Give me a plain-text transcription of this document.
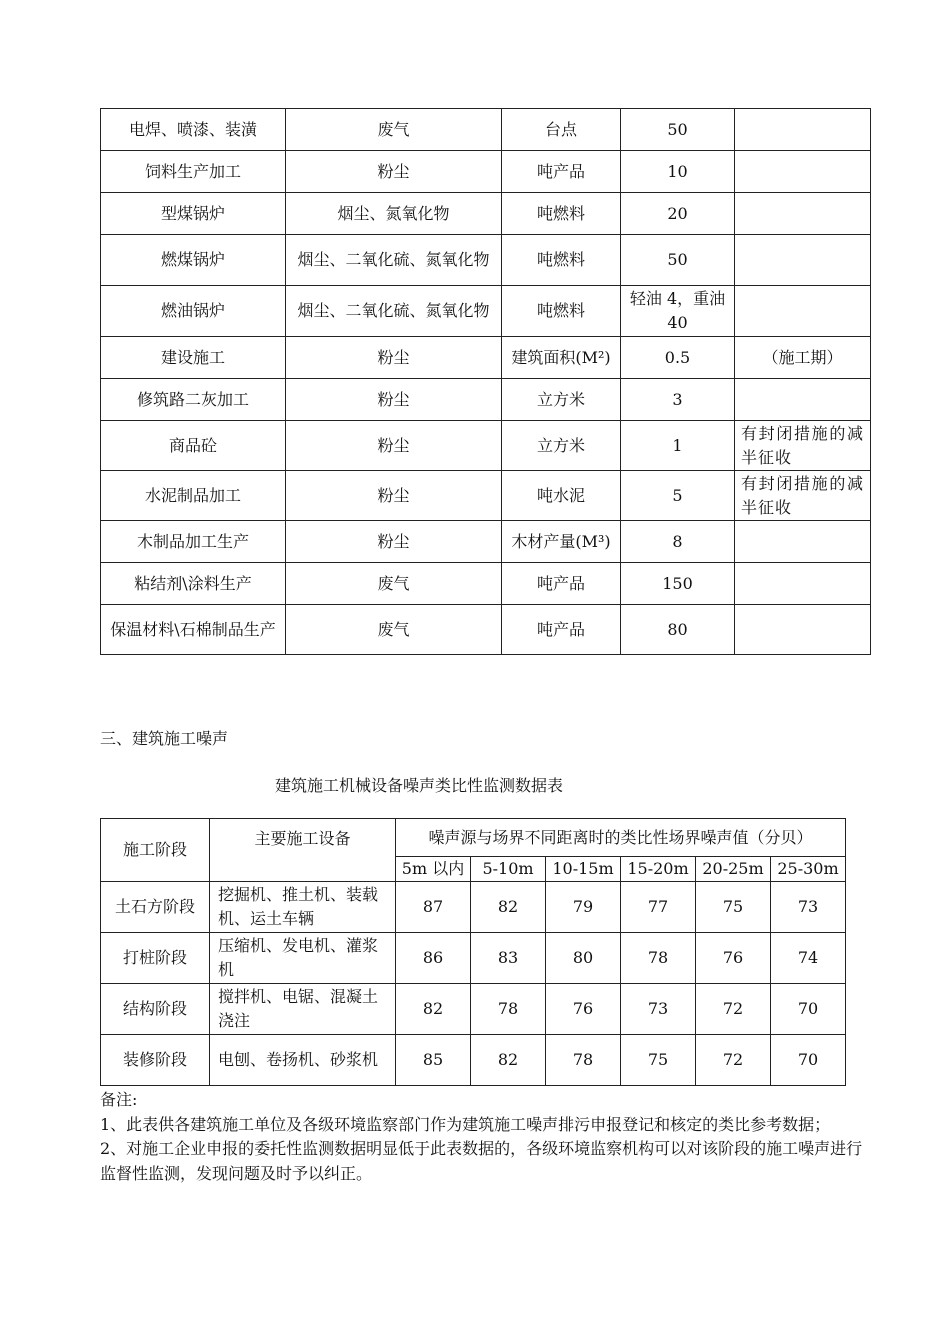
电焊、喷漆、装潢	废气	台点	50	
饲料生产加工	粉尘	吨产品	10	
型煤锅炉	烟尘、氮氧化物	吨燃料	20	
燃煤锅炉	烟尘、二氧化硫、氮氧化物	吨燃料	50	
燃油锅炉	烟尘、二氧化硫、氮氧化物	吨燃料	轻油 4，重油 40	
建设施工	粉尘	建筑面积(M²)	0.5	（施工期）
修筑路二灰加工	粉尘	立方米	3	
商品砼	粉尘	立方米	1	有封闭措施的减半征收
水泥制品加工	粉尘	吨水泥	5	有封闭措施的减半征收
木制品加工生产	粉尘	木材产量(M³)	8	
粘结剂\涂料生产	废气	吨产品	150	
保温材料\石棉制品生产	废气	吨产品	80	
三、建筑施工噪声
建筑施工机械设备噪声类比性监测数据表
施工阶段	主要施工设备	噪声源与场界不同距离时的类比性场界噪声值（分贝）					
		5m 以内	5-10m	10-15m	15-20m	20-25m	25-30m
土石方阶段	挖掘机、推土机、装载机、运土车辆	87	82	79	77	75	73
打桩阶段	压缩机、发电机、灌浆机	86	83	80	78	76	74
结构阶段	搅拌机、电锯、混凝土浇注	82	78	76	73	72	70
装修阶段	电刨、卷扬机、砂浆机	85	82	78	75	72	70

备注:

1、此表供各建筑施工单位及各级环境监察部门作为建筑施工噪声排污申报登记和核定的类比参考数据；

2、对施工企业申报的委托性监测数据明显低于此表数据的，各级环境监察机构可以对该阶段的施工噪声进行监督性监测，发现问题及时予以纠正。
